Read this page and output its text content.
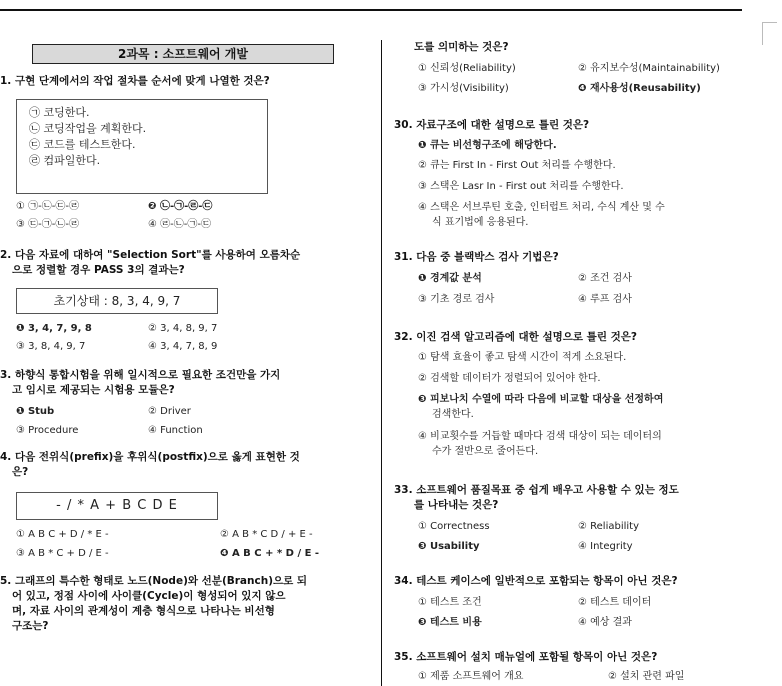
2과목 : 소프트웨어 개발
1. 구현 단계에서의 작업 절차를 순서에 맞게 나열한 것은?
㉠ 코딩한다.
㉡ 코딩작업을 계획한다.
㉢ 코드를 테스트한다.
㉣ 컴파일한다.
① ㉠-㉡-㉢-㉣	❷ ㉡-㉠-㉣-㉢
③ ㉢-㉠-㉡-㉣	④ ㉣-㉡-㉠-㉢
2. 다음 자료에 대하여 "Selection Sort"를 사용하여 오름차순
으로 정렬할 경우 PASS 3의 결과는?
초기상태 : 8, 3, 4, 9, 7
❶ 3, 4, 7, 9, 8	② 3, 4, 8, 9, 7
③ 3, 8, 4, 9, 7	④ 3, 4, 7, 8, 9
3. 하향식 통합시험을 위해 일시적으로 필요한 조건만을 가지
고 임시로 제공되는 시험용 모듈은?
❶ Stub	② Driver
③ Procedure	④ Function
4. 다음 전위식(prefix)을 후위식(postfix)으로 옳게 표현한 것
은?
- / * A + B C D E
① A B C + D / * E -	② A B * C D / + E -
③ A B * C + D / E -	❹ A B C + * D / E -
5. 그래프의 특수한 형태로 노드(Node)와 선분(Branch)으로 되
어 있고, 정점 사이에 사이클(Cycle)이 형성되어 있지 않으
며, 자료 사이의 관계성이 계층 형식으로 나타나는 비선형
구조는?
도를 의미하는 것은?
① 신뢰성(Reliability)	② 유지보수성(Maintainability)
③ 가시성(Visibility)	❹ 재사용성(Reusability)
30. 자료구조에 대한 설명으로 틀린 것은?
❶ 큐는 비선형구조에 해당한다.
② 큐는 First In - First Out 처리를 수행한다.
③ 스택은 Lasr In - First out 처리를 수행한다.
④ 스택은 서브루틴 호출, 인터럽트 처리, 수식 계산 및 수
식 표기법에 응용된다.
31. 다음 중 블랙박스 검사 기법은?
❶ 경계값 분석	② 조건 검사
③ 기초 경로 검사	④ 루프 검사
32. 이진 검색 알고리즘에 대한 설명으로 틀린 것은?
① 탐색 효율이 좋고 탐색 시간이 적게 소요된다.
② 검색할 데이터가 정렬되어 있어야 한다.
❸ 피보나치 수열에 따라 다음에 비교할 대상을 선정하여
검색한다.
④ 비교횟수를 거듭할 때마다 검색 대상이 되는 데이터의
수가 절반으로 줄어든다.
33. 소프트웨어 품질목표 중 쉽게 배우고 사용할 수 있는 정도
를 나타내는 것은?
① Correctness	② Reliability
❸ Usability	④ Integrity
34. 테스트 케이스에 일반적으로 포함되는 항목이 아닌 것은?
① 테스트 조건	② 테스트 데이터
❸ 테스트 비용	④ 예상 결과
35. 소프트웨어 설치 매뉴얼에 포함될 항목이 아닌 것은?
① 제품 소프트웨어 개요	② 설치 관련 파일
